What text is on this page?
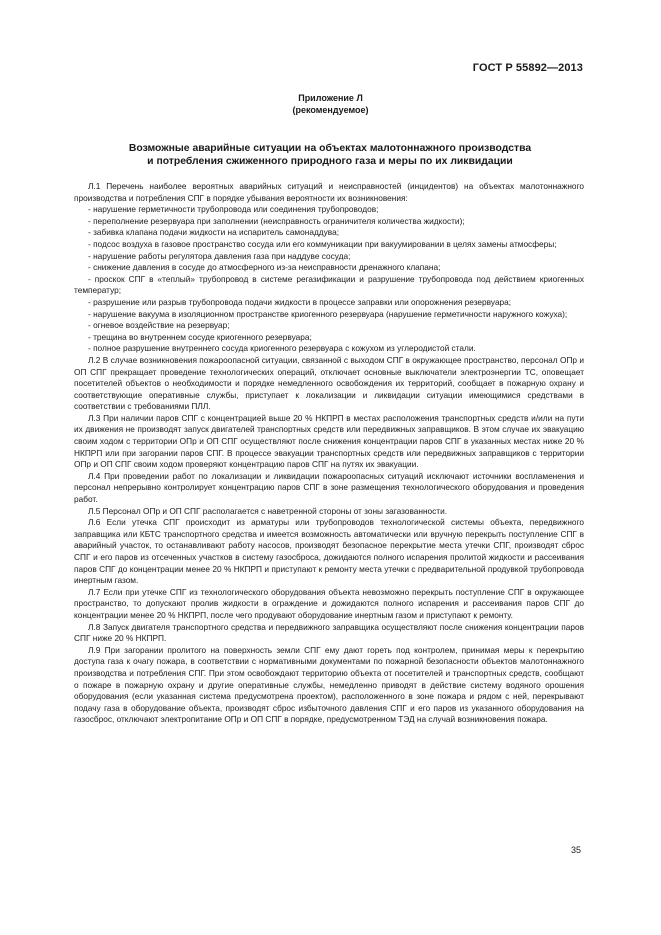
ГОСТ Р 55892—2013
Приложение Л
(рекомендуемое)
Возможные аварийные ситуации на объектах малотоннажного производства
и потребления сжиженного природного газа и меры по их ликвидации

Л.1 Перечень наиболее вероятных аварийных ситуаций и неисправностей (инцидентов) на объектах малотоннажного производства и потребления СПГ в порядке убывания вероятности их возникновения:

- нарушение герметичности трубопровода или соединения трубопроводов;

- переполнение резервуара при заполнении (неисправность ограничителя количества жидкости);

- забивка клапана подачи жидкости на испаритель самонаддува;

- подсос воздуха в газовое пространство сосуда или его коммуникации при вакуумировании в целях замены атмосферы;

- нарушение работы регулятора давления газа при наддуве сосуда;

- снижение давления в сосуде до атмосферного из-за неисправности дренажного клапана;

- проскок СПГ в «теплый» трубопровод в системе регазификации и разрушение трубопровода под действием криогенных температур;

- разрушение или разрыв трубопровода подачи жидкости в процессе заправки или опорожнения резервуара;

- нарушение вакуума в изоляционном пространстве криогенного резервуара (нарушение герметичности наружного кожуха);

- огневое воздействие на резервуар;

- трещина во внутреннем сосуде криогенного резервуара;

- полное разрушение внутреннего сосуда криогенного резервуара с кожухом из углеродистой стали.

Л.2 В случае возникновения пожароопасной ситуации, связанной с выходом СПГ в окружающее пространство, персонал ОПр и ОП СПГ прекращает проведение технологических операций, отключает основные выключатели электроэнергии ТС, оповещает посетителей объектов о необходимости и порядке немедленного освобождения их территорий, сообщает в пожарную охрану и соответствующие оперативные службы, приступает к локализации и ликвидации ситуации имеющимися средствами в соответствии с требованиями ПЛЛ.

Л.3 При наличии паров СПГ с концентрацией выше 20 % НКПРП в местах расположения транспортных средств и/или на пути их движения не производят запуск двигателей транспортных средств или передвижных заправщиков. В этом случае их эвакуацию своим ходом с территории ОПр и ОП СПГ осуществляют после снижения концентрации паров СПГ в указанных местах ниже 20 % НКПРП или при загорании паров СПГ. В процессе эвакуации транспортных средств или передвижных заправщиков с территории ОПр и ОП СПГ своим ходом проверяют концентрацию паров СПГ на путях их эвакуации.

Л.4 При проведении работ по локализации и ликвидации пожароопасных ситуаций исключают источники воспламенения и персонал непрерывно контролирует концентрацию паров СПГ в зоне размещения технологического оборудования и проведения работ.

Л.5 Персонал ОПр и ОП СПГ располагается с наветренной стороны от зоны загазованности.

Л.6 Если утечка СПГ происходит из арматуры или трубопроводов технологической системы объекта, передвижного заправщика или КБТС транспортного средства и имеется возможность автоматически или вручную перекрыть поступление СПГ в аварийный участок, то останавливают работу насосов, производят безопасное перекрытие места утечки СПГ, производят сброс СПГ и его паров из отсеченных участков в систему газосброса, дожидаются полного испарения пролитой жидкости и рассеивания паров СПГ до концентрации менее 20 % НКПРП и приступают к ремонту места утечки с предварительной продувкой трубопровода инертным газом.

Л.7 Если при утечке СПГ из технологического оборудования объекта невозможно перекрыть поступление СПГ в окружающее пространство, то допускают пролив жидкости в ограждение и дожидаются полного испарения и рассеивания паров СПГ до концентрации менее 20 % НКПРП, после чего продувают оборудование инертным газом и приступают к ремонту.

Л.8 Запуск двигателя транспортного средства и передвижного заправщика осуществляют после снижения концентрации паров СПГ ниже 20 % НКПРП.

Л.9 При загорании пролитого на поверхность земли СПГ ему дают гореть под контролем, принимая меры к перекрытию доступа газа к очагу пожара, в соответствии с нормативными документами по пожарной безопасности объектов малотоннажного производства и потребления СПГ. При этом освобождают территорию объекта от посетителей и транспортных средств, сообщают о пожаре в пожарную охрану и другие оперативные службы, немедленно приводят в действие систему водяного орошения оборудования (если указанная система предусмотрена проектом), расположенного в зоне пожара и рядом с ней, перекрывают подачу газа в оборудование объекта, производят сброс избыточного давления СПГ и его паров из указанного оборудования на газосброс, отключают электропитание ОПр и ОП СПГ в порядке, предусмотренном ТЭД на случай возникновения пожара.

35
